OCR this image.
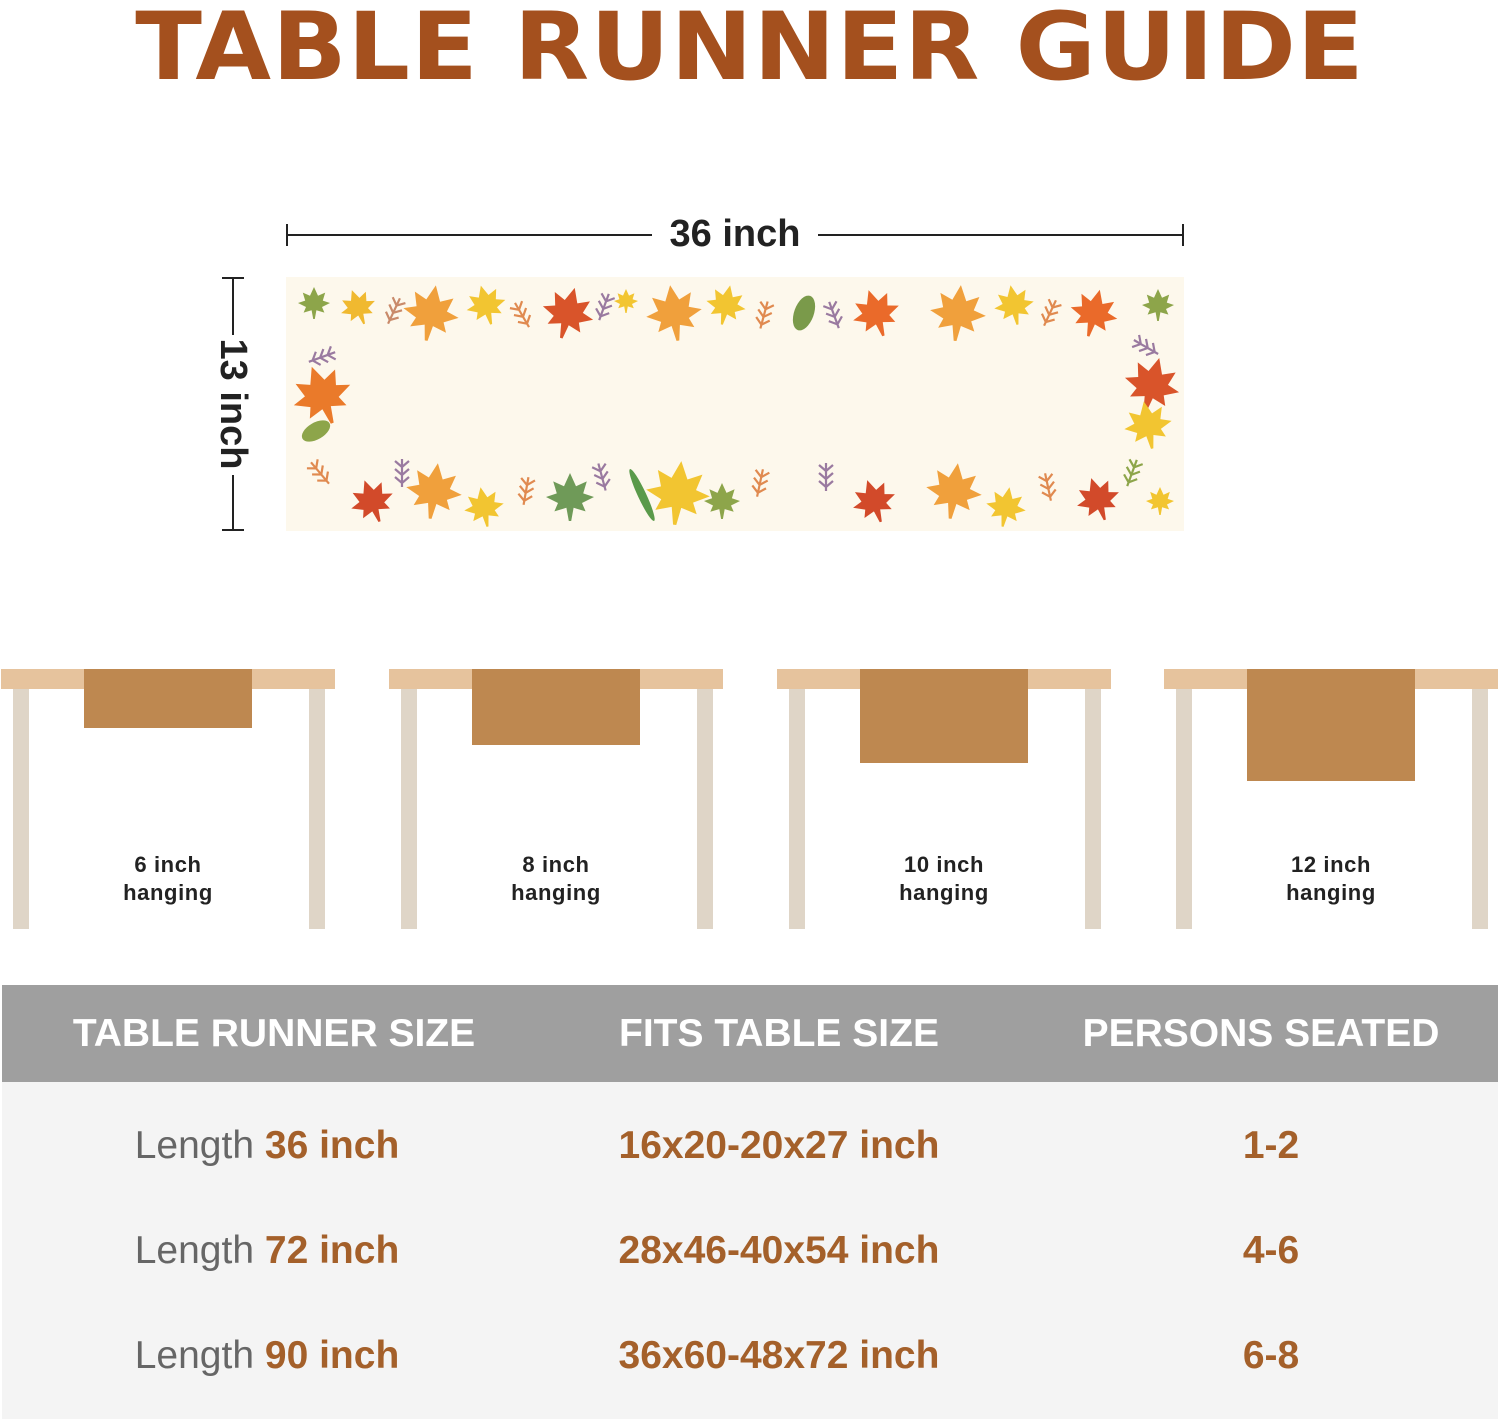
TABLE RUNNER GUIDE
36 inch
13 inch
6 inch
hanging
8 inch
hanging
10 inch
hanging
12 inch
hanging
TABLE RUNNER SIZE	FITS TABLE SIZE	PERSONS SEATED
Length 36 inch	16x20-20x27 inch	1-2
Length 72 inch	28x46-40x54 inch	4-6
Length 90 inch	36x60-48x72 inch	6-8
